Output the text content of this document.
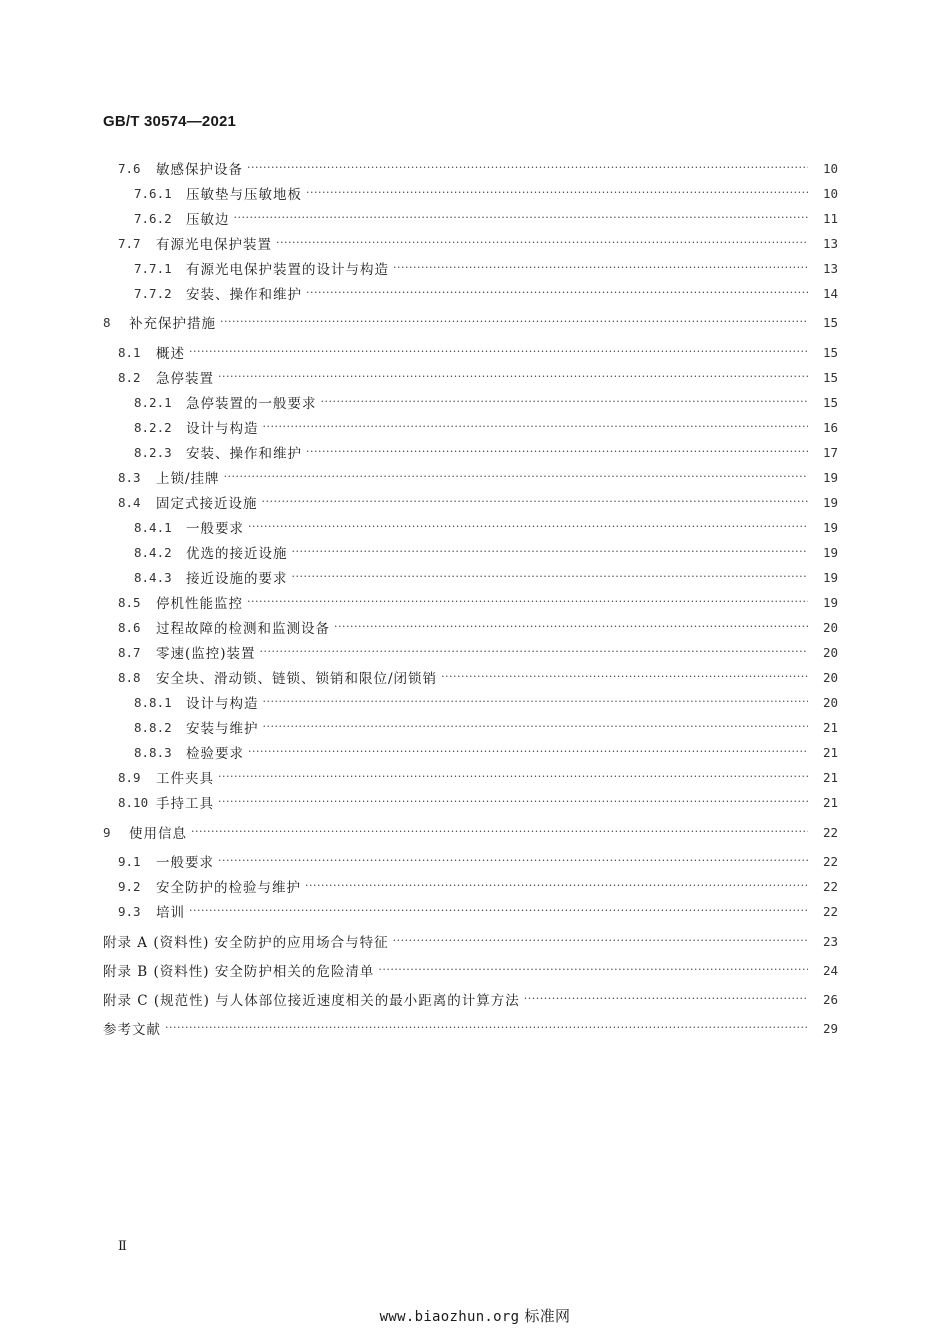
GB/T 30574—2021
7.6	敏感保护设备 ·····	10
7.6.1	压敏垫与压敏地板 ·····	10
7.6.2	压敏边 ·····	11
7.7	有源光电保护装置 ·····	13
7.7.1	有源光电保护装置的设计与构造 ·····	13
7.7.2	安装、操作和维护 ·····	14
8	补充保护措施 ·····	15
8.1	概述 ·····	15
8.2	急停装置 ·····	15
8.2.1	急停装置的一般要求 ·····	15
8.2.2	设计与构造 ·····	16
8.2.3	安装、操作和维护 ·····	17
8.3	上锁/挂牌 ·····	19
8.4	固定式接近设施 ·····	19
8.4.1	一般要求 ·····	19
8.4.2	优选的接近设施 ·····	19
8.4.3	接近设施的要求 ·····	19
8.5	停机性能监控 ·····	19
8.6	过程故障的检测和监测设备 ·····	20
8.7	零速(监控)装置 ·····	20
8.8	安全块、滑动锁、链锁、锁销和限位/闭锁销 ·····	20
8.8.1	设计与构造 ·····	20
8.8.2	安装与维护 ·····	21
8.8.3	检验要求 ·····	21
8.9	工件夹具 ·····	21
8.10 手持工具 ·····	21
9	使用信息 ·····	22
9.1	一般要求 ·····	22
9.2	安全防护的检验与维护 ·····	22
9.3	培训 ·····	22
附录 A (资料性) 安全防护的应用场合与特征 ·····	23
附录 B (资料性) 安全防护相关的危险清单 ·····	24
附录 C (规范性) 与人体部位接近速度相关的最小距离的计算方法 ·····	26
参考文献 ·····	29
Ⅱ
www.biaozhun.org 标准网
